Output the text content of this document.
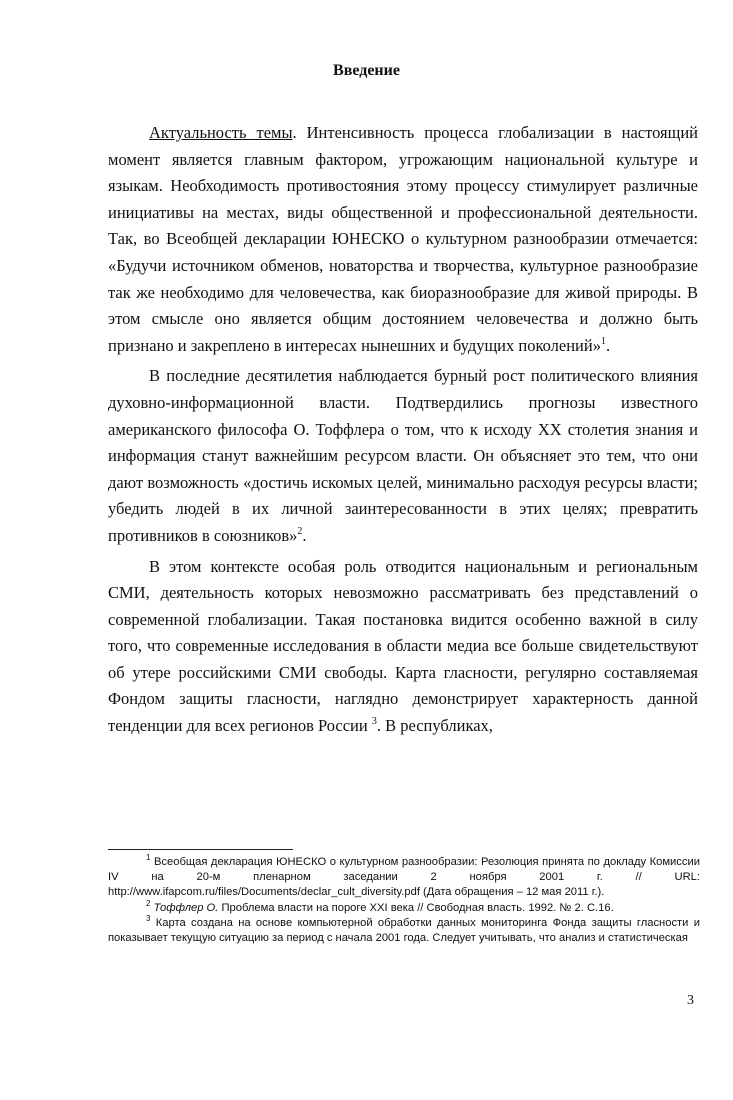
Введение

Актуальность темы. Интенсивность процесса глобализации в настоящий момент является главным фактором, угрожающим национальной культуре и языкам. Необходимость противостояния этому процессу стимулирует различные инициативы на местах, виды общественной и профессиональной деятельности. Так, во Всеобщей декларации ЮНЕСКО о культурном разнообразии отмечается: «Будучи источником обменов, новаторства и творчества, культурное разнообразие так же необходимо для человечества, как биоразнообразие для живой природы. В этом смысле оно является общим достоянием человечества и должно быть признано и закреплено в интересах нынешних и будущих поколений»$^1$.

В последние десятилетия наблюдается бурный рост политического влияния духовно-информационной власти. Подтвердились прогнозы известного американского философа О. Тоффлера о том, что к исходу XX столетия знания и информация станут важнейшим ресурсом власти. Он объясняет это тем, что они дают возможность «достичь искомых целей, минимально расходуя ресурсы власти; убедить людей в их личной заинтересованности в этих целях; превратить противников в союзников»$^2$.

В этом контексте особая роль отводится национальным и региональным СМИ, деятельность которых невозможно рассматривать без представлений о современной глобализации. Такая постановка видится особенно важной в силу того, что современные исследования в области медиа все больше свидетельствуют об утере российскими СМИ свободы. Карта гласности, регулярно составляемая Фондом защиты гласности, наглядно демонстрирует характерность данной тенденции для всех регионов России $^3$. В республиках,

$^1$ Всеобщая декларация ЮНЕСКО о культурном разнообразии: Резолюция принята по докладу Комиссии IV на 20-м пленарном заседании 2 ноября 2001 г. // URL: http://www.ifapcom.ru/files/Documents/declar_cult_diversity.pdf (Дата обращения – 12 мая 2011 г.).

$^2$ Тоффлер О. Проблема власти на пороге XXI века // Свободная власть. 1992. № 2. С.16.

$^3$ Карта создана на основе компьютерной обработки данных мониторинга Фонда защиты гласности и показывает текущую ситуацию за период с начала 2001 года. Следует учитывать, что анализ и статистическая

3
